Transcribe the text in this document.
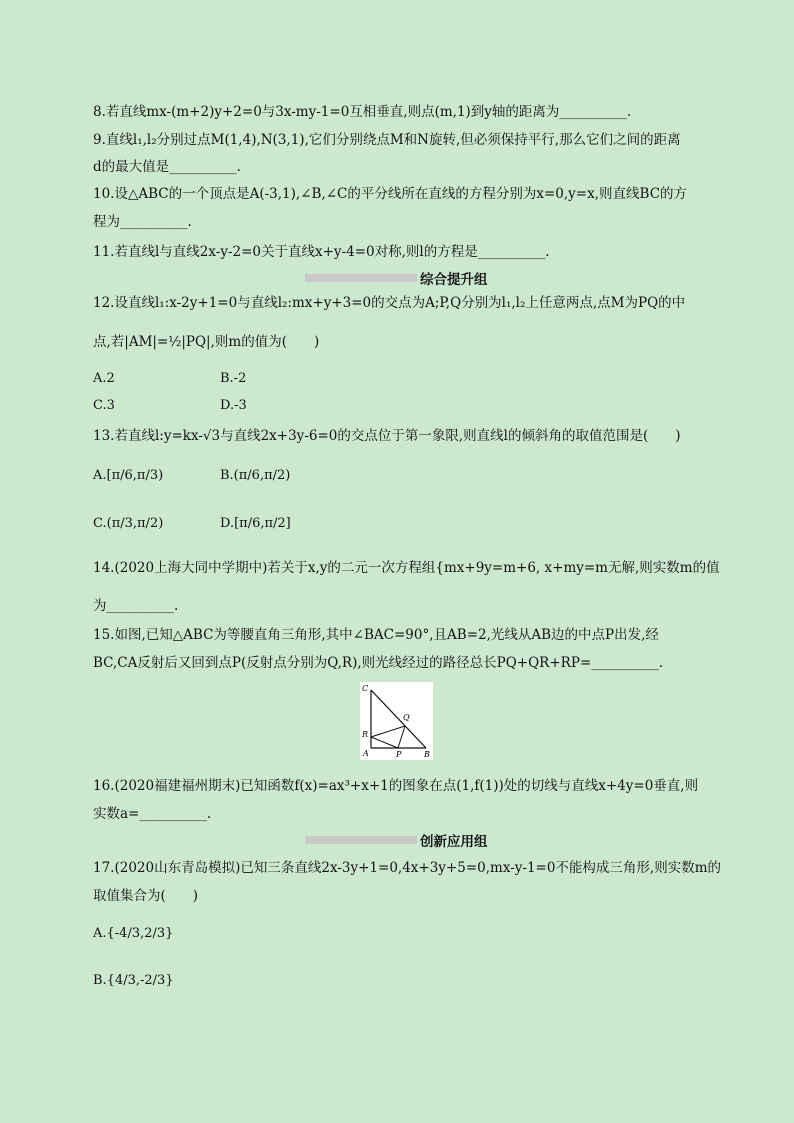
8.若直线mx-(m+2)y+2=0与3x-my-1=0互相垂直,则点(m,1)到y轴的距离为__________.
9.直线l₁,l₂分别过点M(1,4),N(3,1),它们分别绕点M和N旋转,但必须保持平行,那么它们之间的距离
d的最大值是__________.
10.设△ABC的一个顶点是A(-3,1),∠B,∠C的平分线所在直线的方程分别为x=0,y=x,则直线BC的方
程为__________.
11.若直线l与直线2x-y-2=0关于直线x+y-4=0对称,则l的方程是__________.
综合提升组
12.设直线l₁:x-2y+1=0与直线l₂:mx+y+3=0的交点为A;P,Q分别为l₁,l₂上任意两点,点M为PQ的中
点,若|AM|=½|PQ|,则m的值为(　　)
A.2	B.-2
C.3	D.-3
13.若直线l:y=kx-√3与直线2x+3y-6=0的交点位于第一象限,则直线l的倾斜角的取值范围是(　　)
A.[π/6,π/3)	B.(π/6,π/2)
C.(π/3,π/2)	D.[π/6,π/2]
14.(2020上海大同中学期中)若关于x,y的二元一次方程组{mx+9y=m+6, x+my=m无解,则实数m的值
为__________.
15.如图,已知△ABC为等腰直角三角形,其中∠BAC=90°,且AB=2,光线从AB边的中点P出发,经
BC,CA反射后又回到点P(反射点分别为Q,R),则光线经过的路径总长PQ+QR+RP=__________.
C
Q
R
A	P	B
16.(2020福建福州期末)已知函数f(x)=ax³+x+1的图象在点(1,f(1))处的切线与直线x+4y=0垂直,则
实数a=__________.
创新应用组
17.(2020山东青岛模拟)已知三条直线2x-3y+1=0,4x+3y+5=0,mx-y-1=0不能构成三角形,则实数m的
取值集合为(　　)
A.{-4/3,2/3}
B.{4/3,-2/3}
